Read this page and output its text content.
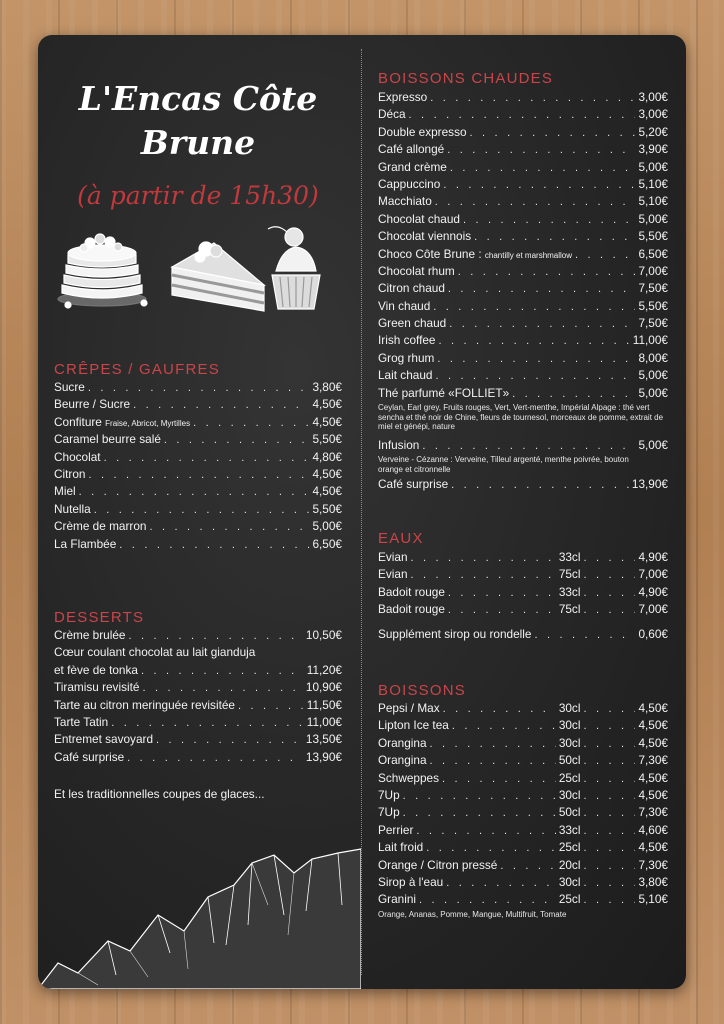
L'Encas Côte
Brune
(à partir de 15h30)
CRÊPES / GAUFRES
Sucre . . .	3,80€
Beurre / Sucre . . .	4,50€
Confiture Fraise, Abricot, Myrtilles . . .	4,50€
Caramel beurre salé . . .	5,50€
Chocolat . . .	4,80€
Citron . . .	4,50€
Miel . . .	4,50€
Nutella . . .	5,50€
Crème de marron . . .	5,00€
La Flambée . . .	6,50€
DESSERTS
Crème brulée . . .	10,50€
Cœur coulant chocolat au lait gianduja
et fève de tonka . . .	11,20€
Tiramisu revisité . . .	10,90€
Tarte au citron meringuée revisitée . . .	11,50€
Tarte Tatin . . .	11,00€
Entremet savoyard . . .	13,50€
Café surprise . . .	13,90€
Et les traditionnelles coupes de glaces...
BOISSONS CHAUDES
Expresso . . .	3,00€
Déca . . .	3,00€
Double expresso . . .	5,20€
Café allongé . . .	3,90€
Grand crème . . .	5,00€
Cappuccino . . .	5,10€
Macchiato . . .	5,10€
Chocolat chaud . . .	5,00€
Chocolat viennois . . .	5,50€
Choco Côte Brune : chantilly et marshmallow . . .	6,50€
Chocolat rhum . . .	7,00€
Citron chaud . . .	7,50€
Vin chaud . . .	5,50€
Green chaud . . .	7,50€
Irish coffee . . .	11,00€
Grog rhum . . .	8,00€
Lait chaud . . .	5,00€
Thé parfumé «FOLLIET» . . .	5,00€
Ceylan, Earl grey, Fruits rouges, Vert, Vert-menthe, Impérial Alpage : thé vert sencha et thé noir de Chine, fleurs de tournesol, morceaux de pomme, extrait de miel et génépi, nature
Infusion . . .	5,00€
Verveine - Cézanne : Verveine, Tilleul argenté, menthe poivrée, bouton orange et citronnelle
Café surprise . . .	13,90€
EAUX
Evian . . .	33cl . . .	4,90€
Evian . . .	75cl . . .	7,00€
Badoit rouge . . .	33cl . . .	4,90€
Badoit rouge . . .	75cl . . .	7,00€
Supplément sirop ou rondelle . . .	0,60€
BOISSONS
Pepsi / Max . . .	30cl . . .	4,50€
Lipton Ice tea . . .	30cl . . .	4,50€
Orangina . . .	30cl . . .	4,50€
Orangina . . .	50cl . . .	7,30€
Schweppes . . .	25cl . . .	4,50€
7Up . . .	30cl . . .	4,50€
7Up . . .	50cl . . .	7,30€
Perrier . . .	33cl . . .	4,60€
Lait froid . . .	25cl . . .	4,50€
Orange / Citron pressé . . .	20cl . . .	7,30€
Sirop à l'eau . . .	30cl . . .	3,80€
Granini . . .	25cl . . .	5,10€
Orange, Ananas, Pomme, Mangue, Multifruit, Tomate
